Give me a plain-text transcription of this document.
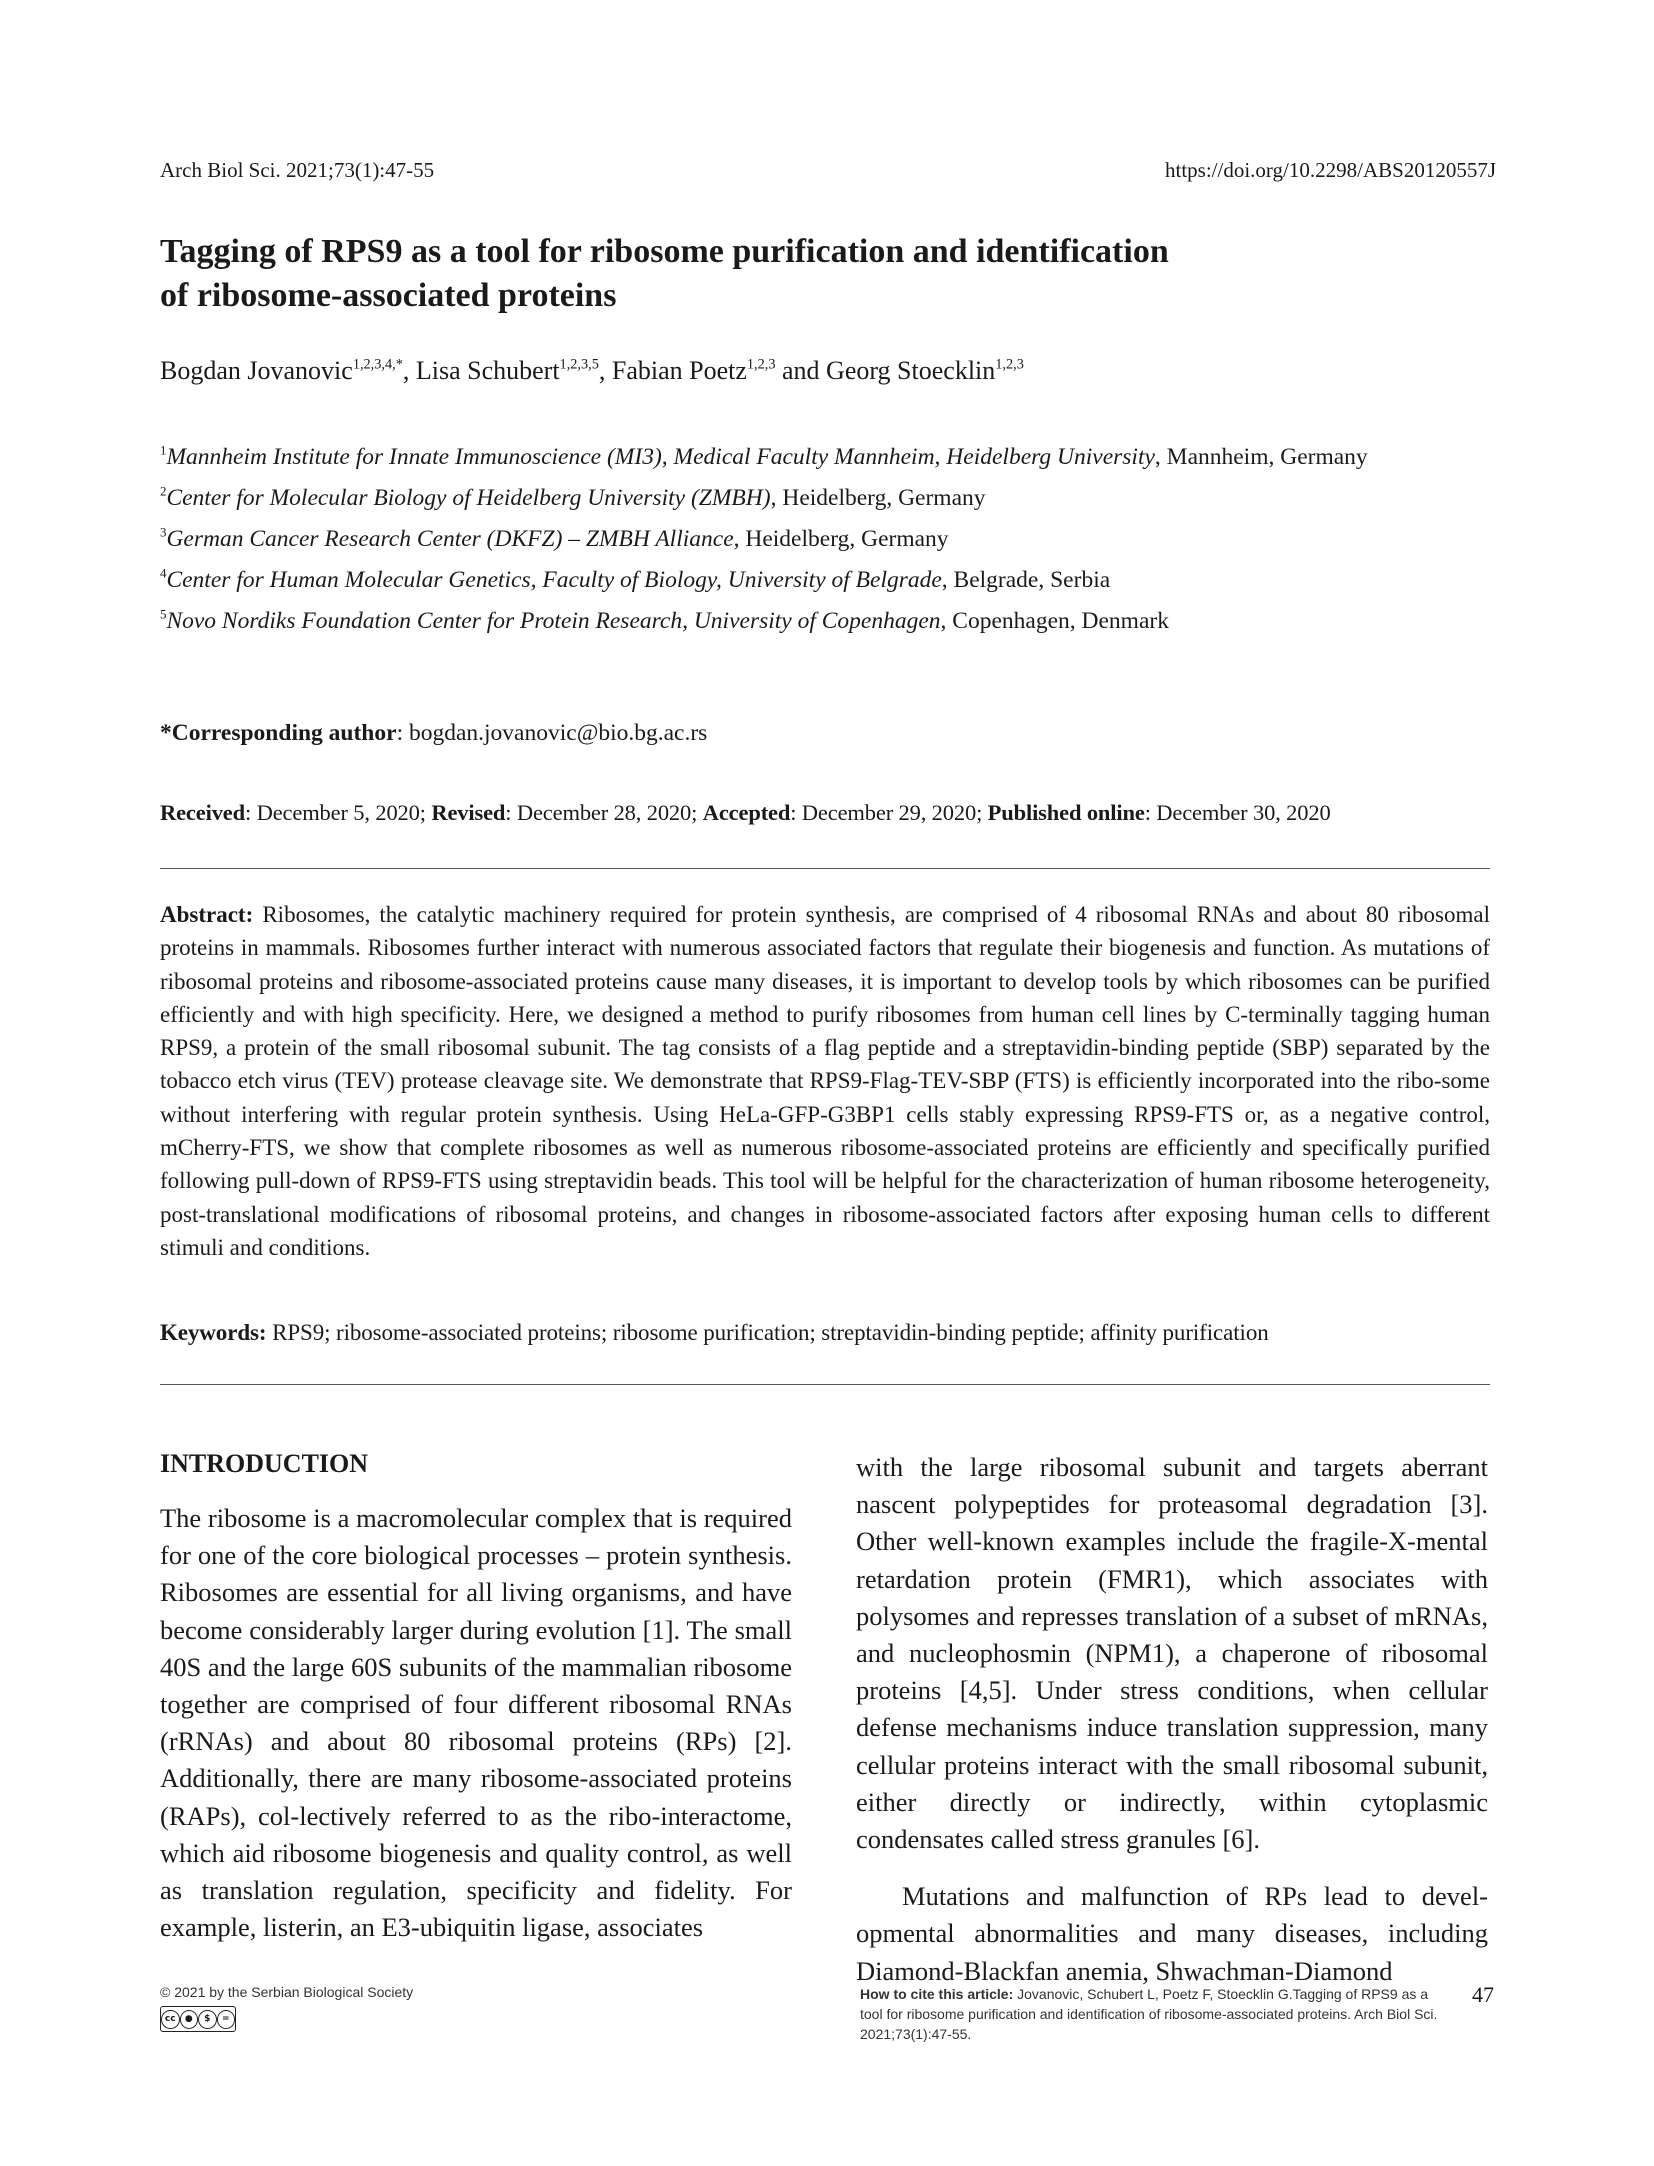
Arch Biol Sci. 2021;73(1):47-55	https://doi.org/10.2298/ABS20120557J
Tagging of RPS9 as a tool for ribosome purification and identification
of ribosome-associated proteins
Bogdan Jovanovic$^{1,2,3,4,*}$, Lisa Schubert$^{1,2,3,5}$, Fabian Poetz$^{1,2,3}$ and Georg Stoecklin$^{1,2,3}$

$^1$Mannheim Institute for Innate Immunoscience (MI3), Medical Faculty Mannheim, Heidelberg University, Mannheim, Germany

$^2$Center for Molecular Biology of Heidelberg University (ZMBH), Heidelberg, Germany

$^3$German Cancer Research Center (DKFZ) – ZMBH Alliance, Heidelberg, Germany

$^4$Center for Human Molecular Genetics, Faculty of Biology, University of Belgrade, Belgrade, Serbia

$^5$Novo Nordiks Foundation Center for Protein Research, University of Copenhagen, Copenhagen, Denmark

*Corresponding author: bogdan.jovanovic@bio.bg.ac.rs
Received: December 5, 2020; Revised: December 28, 2020; Accepted: December 29, 2020; Published online: December 30, 2020

Abstract: Ribosomes, the catalytic machinery required for protein synthesis, are comprised of 4 ribosomal RNAs and about 80 ribosomal proteins in mammals. Ribosomes further interact with numerous associated factors that regulate their biogenesis and function. As mutations of ribosomal proteins and ribosome-associated proteins cause many diseases, it is important to develop tools by which ribosomes can be purified efficiently and with high specificity. Here, we designed a method to purify ribosomes from human cell lines by C-terminally tagging human RPS9, a protein of the small ribosomal subunit. The tag consists of a flag peptide and a streptavidin-binding peptide (SBP) separated by the tobacco etch virus (TEV) protease cleavage site. We demonstrate that RPS9-Flag-TEV-SBP (FTS) is efficiently incorporated into the ribo-some without interfering with regular protein synthesis. Using HeLa-GFP-G3BP1 cells stably expressing RPS9-FTS or, as a negative control, mCherry-FTS, we show that complete ribosomes as well as numerous ribosome-associated proteins are efficiently and specifically purified following pull-down of RPS9-FTS using streptavidin beads. This tool will be helpful for the characterization of human ribosome heterogeneity, post-translational modifications of ribosomal proteins, and changes in ribosome-associated factors after exposing human cells to different stimuli and conditions.

Keywords: RPS9; ribosome-associated proteins; ribosome purification; streptavidin-binding peptide; affinity purification
INTRODUCTION

The ribosome is a macromolecular complex that is required for one of the core biological processes – protein synthesis. Ribosomes are essential for all living organisms, and have become considerably larger during evolution [1]. The small 40S and the large 60S subunits of the mammalian ribosome together are comprised of four different ribosomal RNAs (rRNAs) and about 80 ribosomal proteins (RPs) [2]. Additionally, there are many ribosome-associated proteins (RAPs), col-lectively referred to as the ribo-interactome, which aid ribosome biogenesis and quality control, as well as translation regulation, specificity and fidelity. For example, listerin, an E3-ubiquitin ligase, associates

with the large ribosomal subunit and targets aberrant nascent polypeptides for proteasomal degradation [3]. Other well-known examples include the fragile-X-mental retardation protein (FMR1), which associates with polysomes and represses translation of a subset of mRNAs, and nucleophosmin (NPM1), a chaperone of ribosomal proteins [4,5]. Under stress conditions, when cellular defense mechanisms induce translation suppression, many cellular proteins interact with the small ribosomal subunit, either directly or indirectly, within cytoplasmic condensates called stress granules [6].

Mutations and malfunction of RPs lead to devel-opmental abnormalities and many diseases, including Diamond-Blackfan anemia, Shwachman-Diamond

© 2021 by the Serbian Biological Society
cc	●	$	=
How to cite this article: Jovanovic, Schubert L, Poetz F, Stoecklin G.Tagging of RPS9 as a tool for ribosome purification and identification of ribosome-associated proteins. Arch Biol Sci. 2021;73(1):47-55.
47
